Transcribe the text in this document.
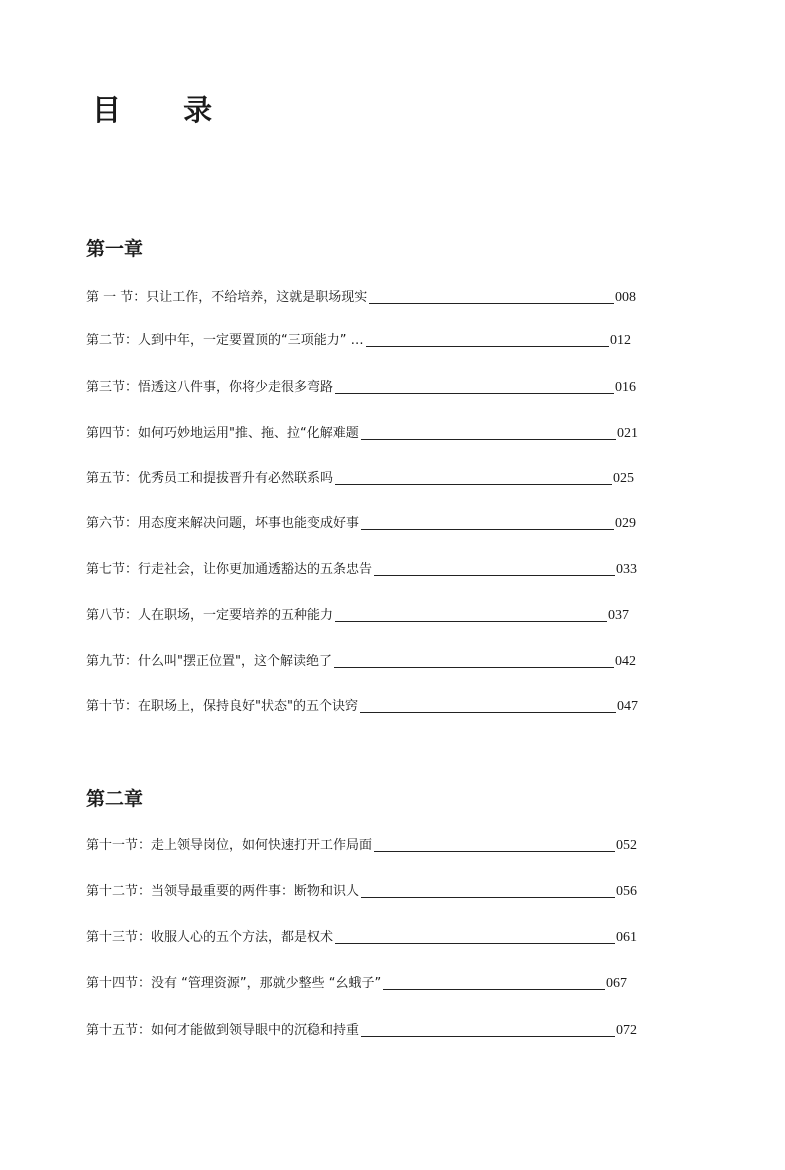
目 录
第一章
第 一 节：只让工作，不给培养，这就是职场现实	008
第二节：人到中年，一定要置顶的“三项能力” …	012
第三节：悟透这八件事，你将少走很多弯路	016
第四节：如何巧妙地运用"推、拖、拉“化解难题	021
第五节：优秀员工和提拔晋升有必然联系吗	025
第六节：用态度来解决问题，坏事也能变成好事	029
第七节：行走社会，让你更加通透豁达的五条忠告	033
第八节：人在职场，一定要培养的五种能力	037
第九节：什么叫"摆正位置"，这个解读绝了	042
第十节：在职场上，保持良好"状态"的五个诀窍	047
第二章
第十一节：走上领导岗位，如何快速打开工作局面	052
第十二节：当领导最重要的两件事：断物和识人	056
第十三节：收服人心的五个方法，都是权术	061
第十四节：没有 “管理资源”，那就少整些 “幺蛾子”	067
第十五节：如何才能做到领导眼中的沉稳和持重	072
